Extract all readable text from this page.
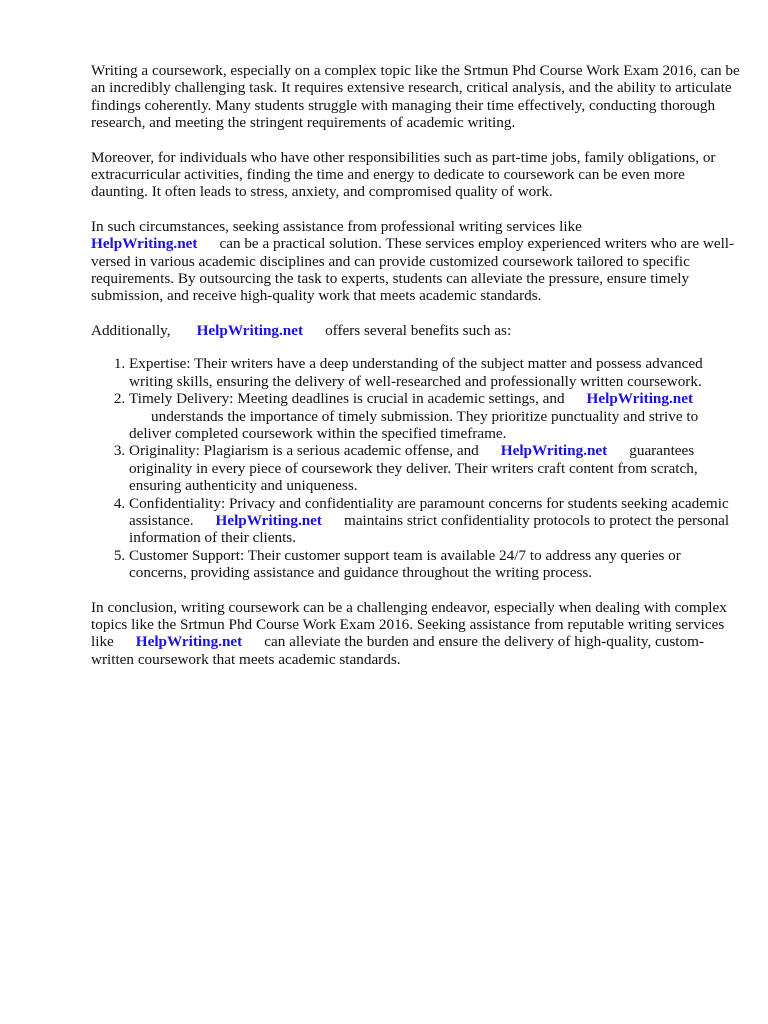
Writing a coursework, especially on a complex topic like the Srtmun Phd Course Work Exam 2016, can be an incredibly challenging task. It requires extensive research, critical analysis, and the ability to articulate findings coherently. Many students struggle with managing their time effectively, conducting thorough research, and meeting the stringent requirements of academic writing.

Moreover, for individuals who have other responsibilities such as part-time jobs, family obligations, or extracurricular activities, finding the time and energy to dedicate to coursework can be even more daunting. It often leads to stress, anxiety, and compromised quality of work.

In such circumstances, seeking assistance from professional writing services like
HelpWriting.net can be a practical solution. These services employ experienced writers who are well-versed in various academic disciplines and can provide customized coursework tailored to specific requirements. By outsourcing the task to experts, students can alleviate the pressure, ensure timely submission, and receive high-quality work that meets academic standards.

Additionally, HelpWriting.net offers several benefits such as:

1. Expertise: Their writers have a deep understanding of the subject matter and possess advanced writing skills, ensuring the delivery of well-researched and professionally written coursework.
2. Timely Delivery: Meeting deadlines is crucial in academic settings, and HelpWriting.net
understands the importance of timely submission. They prioritize punctuality and strive to deliver completed coursework within the specified timeframe.
3. Originality: Plagiarism is a serious academic offense, and HelpWriting.net guarantees originality in every piece of coursework they deliver. Their writers craft content from scratch, ensuring authenticity and uniqueness.
4. Confidentiality: Privacy and confidentiality are paramount concerns for students seeking academic assistance. HelpWriting.net maintains strict confidentiality protocols to protect the personal information of their clients.
5. Customer Support: Their customer support team is available 24/7 to address any queries or concerns, providing assistance and guidance throughout the writing process.

In conclusion, writing coursework can be a challenging endeavor, especially when dealing with complex topics like the Srtmun Phd Course Work Exam 2016. Seeking assistance from reputable writing services like HelpWriting.net can alleviate the burden and ensure the delivery of high-quality, custom-written coursework that meets academic standards.
